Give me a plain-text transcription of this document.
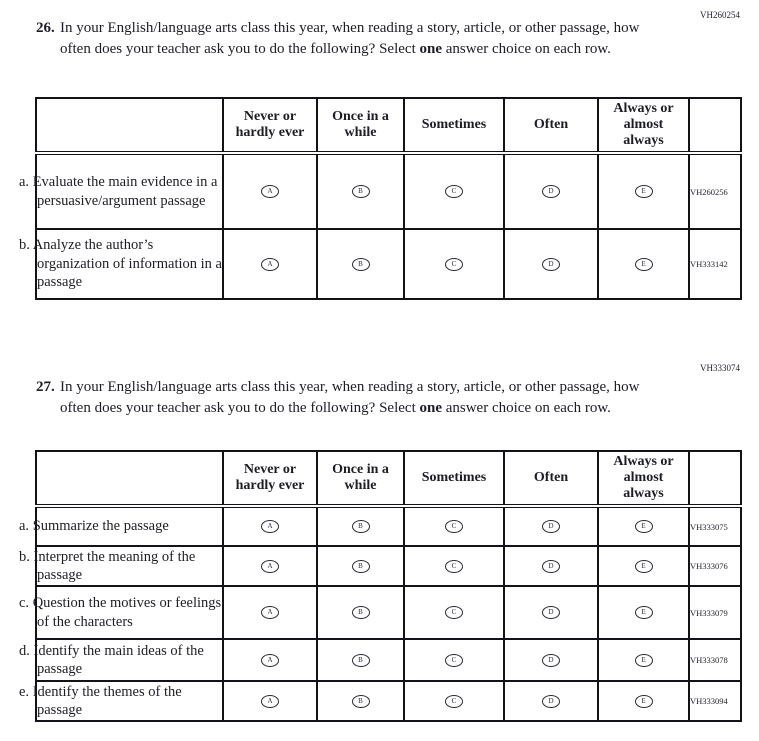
VH260254
26. In your English/language arts class this year, when reading a story, article, or other passage, how often does your teacher ask you to do the following? Select one answer choice on each row.
	Never or hardly ever	Once in a while	Sometimes	Often	Always or almost always	
a. Evaluate the main evidence in a persuasive/argument passage	A	B	C	D	E	VH260256
b. Analyze the author’s organization of information in a passage	A	B	C	D	E	VH333142
VH333074
27. In your English/language arts class this year, when reading a story, article, or other passage, how often does your teacher ask you to do the following? Select one answer choice on each row.
	Never or hardly ever	Once in a while	Sometimes	Often	Always or almost always	
a. Summarize the passage	A	B	C	D	E	VH333075
b. Interpret the meaning of the passage	A	B	C	D	E	VH333076
c. Question the motives or feelings of the characters	A	B	C	D	E	VH333079
d. Identify the main ideas of the passage	A	B	C	D	E	VH333078
e. Identify the themes of the passage	A	B	C	D	E	VH333094
